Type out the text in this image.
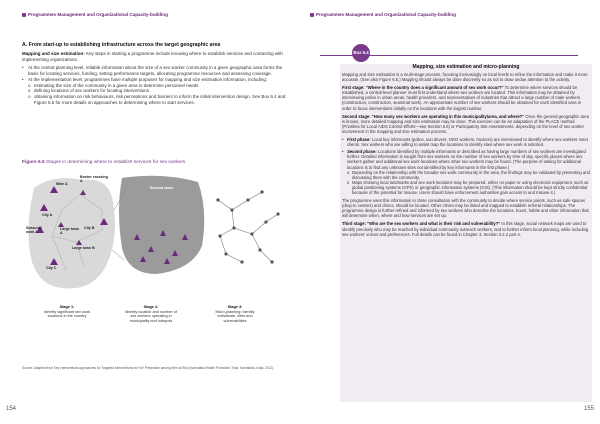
Programmes Management and Organizational Capacity-building
A. From start-up to establishing infrastructure across the target geographic area
Mapping and size estimation: Key steps in starting a programme include knowing where to establish services and contacting with implementing organizations.
• At the central planning level, reliable information about the size of a sex worker community in a given geographic area forms the basis for locating services, funding, setting performance targets, allocating programme resources and assessing coverage.
• At the implementation level, programmes have multiple purposes for mapping and size estimation information, including:
o estimating the size of the community in a given area to determine personnel needs
o defining locations of sex workers for locating interventions
o obtaining information on risk behaviours, risk perceptions and barriers to inform the initial intervention design. See Box 6.4 and Figure 6.5 for more details on approaches to determining where to start services.
Figure 6.5 Stages in determining where to establish services for sex workers
Mine A
City A
Border crossing A
Seasonal work A
Large town A
City B
Large town B
City C
Second zoom
Stage 1:
Identify significant sex work locations in the country
Stage 2:
Identify location and number of sex workers operating in municipality and hotspots
Stage 3:
Micro-planning: identify individuals, sites and vulnerabilities
Source: Adapted from Key Interventions Approaches for Targeted Interventions for HIV Prevention among Men at Risk (Karnataka Health Promotion Trust, Karnataka, India, 2012).
154
Programmes Management and Organizational Capacity-building
Box 6.4
Mapping, size estimation and micro-planning
Mapping and size estimation is a multi-stage process, focusing increasingly on local levels to refine the information and make it more accurate. (See also Figure 6.5.) Mapping should always be done discreetly so as not to draw undue attention to the activity.
First stage: "Where in the country does a significant amount of sex work occur?" To determine where services should be established, a central-level planner must first understand where sex workers are located. This information may be obtained by interviewing police in urban areas, health providers, and representatives of industries that attract a large number of male workers (construction, construction, seasonal work). An approximate number of sex workers should be obtained for each identified area in order to focus interventions initially on the locations with the largest number.
Second stage: "How many sex workers are operating in this municipality/area, and where?" Once the general geographic area is known, more detailed mapping and size estimation may be done. This exercise can be an adaptation of the PLACE method (Priorities for Local AIDS Control Efforts—see Section 6.6) or Participatory Site Assessments, depending on the level of sex worker involvement in the mapping and size estimation process.
• First phase: Local key informants (police, taxi drivers, NGO workers, truckers) are interviewed to identify where sex workers meet clients. Sex workers who are willing to assist map the locations to identify sites where sex work is solicited.
• Second phase: Locations identified by multiple informants or described as having large numbers of sex workers are investigated further. Detailed information is sought from sex workers on the number of sex workers by time of day, specific places where sex workers gather and additional sex work locations where other sex workers may be found. (The purpose of asking for additional locations is to find any unknown sites not identified by key informants in the first phase.)
o Depending on the relationship with the broader sex work community in the area, the findings may be validated by presenting and discussing them with the community.
o Maps showing local landmarks and sex work locations may be prepared, either on paper or using electronic equipment, such as global positioning systems (GPS) or geographic information systems (GIS). (This information should be kept strictly confidential because of the potential for misuse. Users should have enforcement authorities gain access to and misuse it.)
The programme uses this information in close consultation with the community to decide where service points, such as safe spaces (drop-in centres) and clinics, should be located. Other clinics may be listed and mapped to establish referral relationships. The programme design is further refined and informed by sex workers who describe the locations, hours, habits and other information that will determine when, where and how services are set up.
Third stage: "Who are the sex workers and what is their risk and vulnerability?" In this stage, social network maps are used to identify precisely who may be reached by individual community outreach workers, and to further inform local planning, while including sex workers' voices and preferences. Full details can be found in Chapter 3, Section 3.2.2 part A.
155
